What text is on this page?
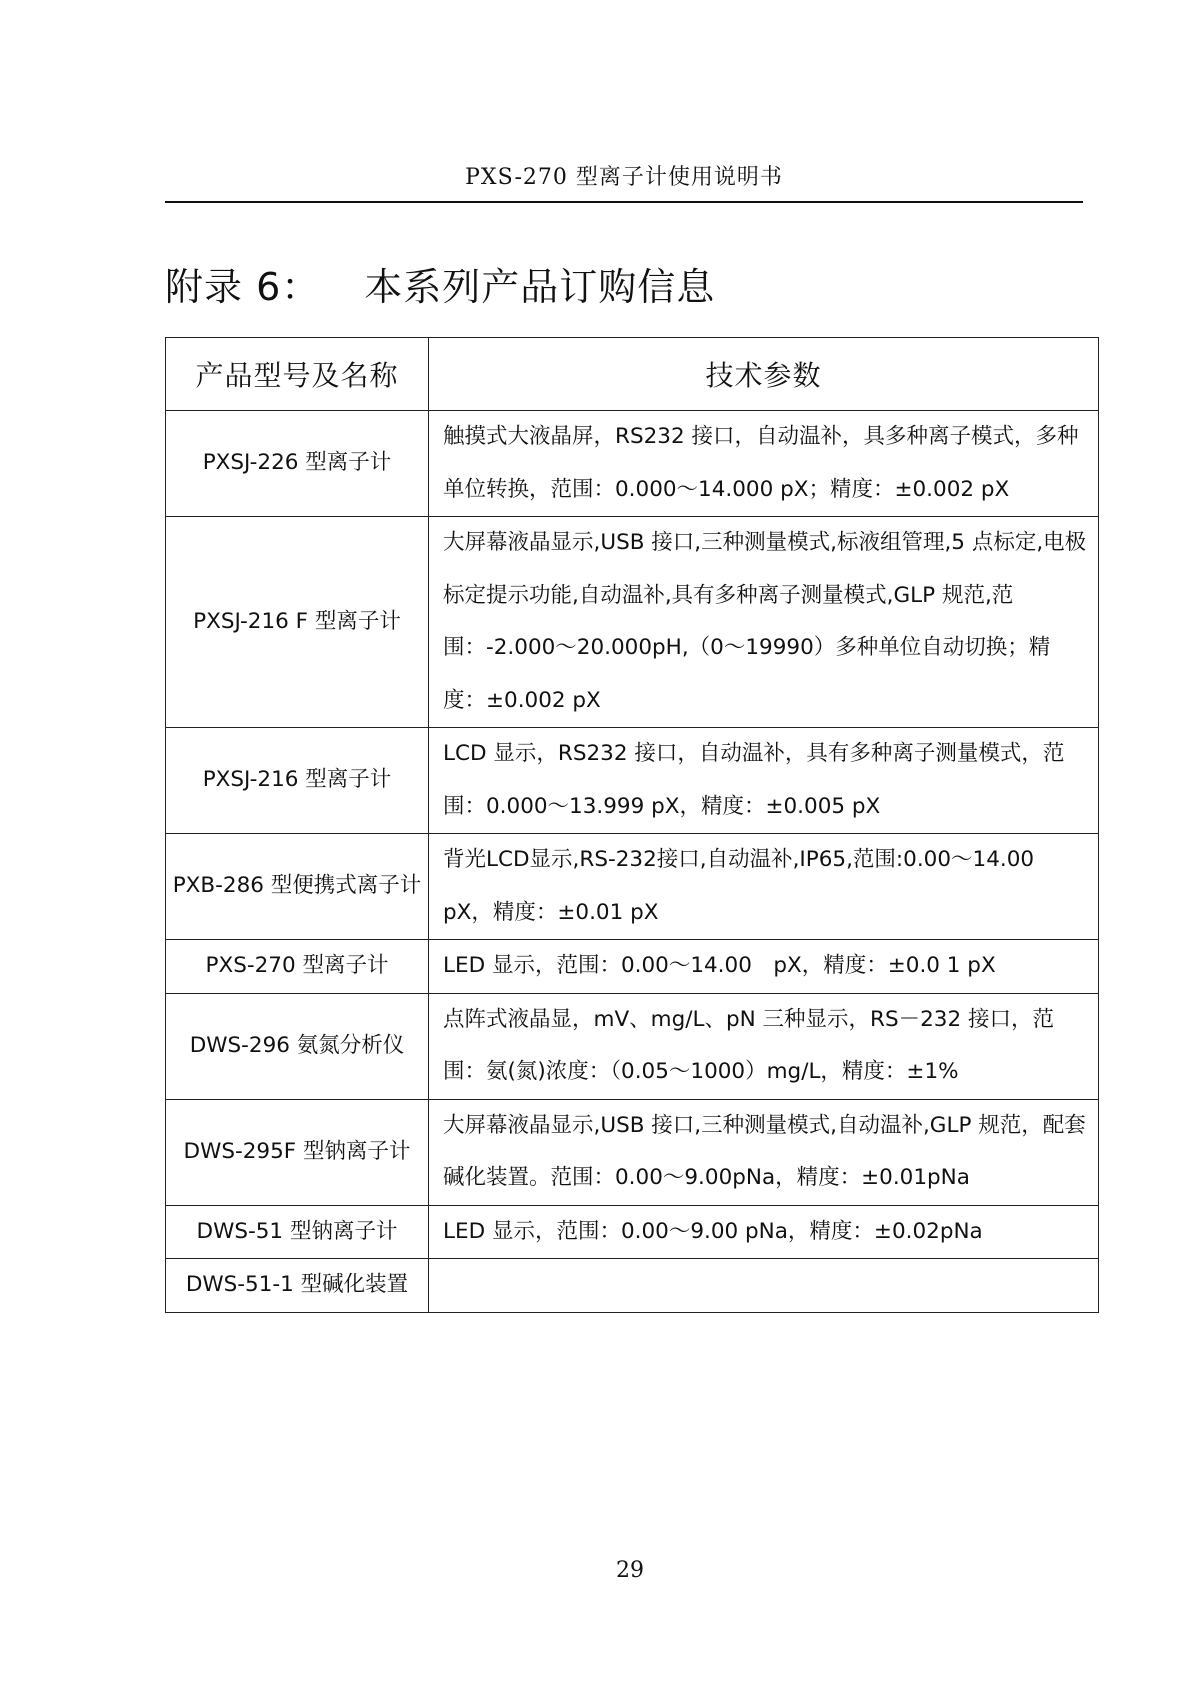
PXS-270 型离子计使用说明书
附录 6： 本系列产品订购信息
产品型号及名称	技术参数
PXSJ-226 型离子计	触摸式大液晶屏，RS232 接口，自动温补，具多种离子模式，多种单位转换，范围：0.000～14.000 pX；精度：±0.002 pX
PXSJ-216 F 型离子计	大屏幕液晶显示,USB 接口,三种测量模式,标液组管理,5 点标定,电极标定提示功能,自动温补,具有多种离子测量模式,GLP 规范,范围：-2.000～20.000pH,（0～19990）多种单位自动切换；精度：±0.002 pX
PXSJ-216 型离子计	LCD 显示，RS232 接口，自动温补，具有多种离子测量模式，范围：0.000～13.999 pX，精度：±0.005 pX
PXB-286 型便携式离子计	背光LCD显示,RS-232接口,自动温补,IP65,范围:0.00～14.00 pX，精度：±0.01 pX
PXS-270 型离子计	LED 显示，范围：0.00～14.00　pX，精度：±0.0 1 pX
DWS-296 氨氮分析仪	点阵式液晶显，mV、mg/L、pN 三种显示，RS－232 接口，范围：氨(氮)浓度：（0.05～1000）mg/L，精度：±1%
DWS-295F 型钠离子计	大屏幕液晶显示,USB 接口,三种测量模式,自动温补,GLP 规范，配套碱化装置。范围：0.00～9.00pNa，精度：±0.01pNa
DWS-51 型钠离子计	LED 显示，范围：0.00～9.00 pNa，精度：±0.02pNa
DWS-51-1 型碱化装置	
29
